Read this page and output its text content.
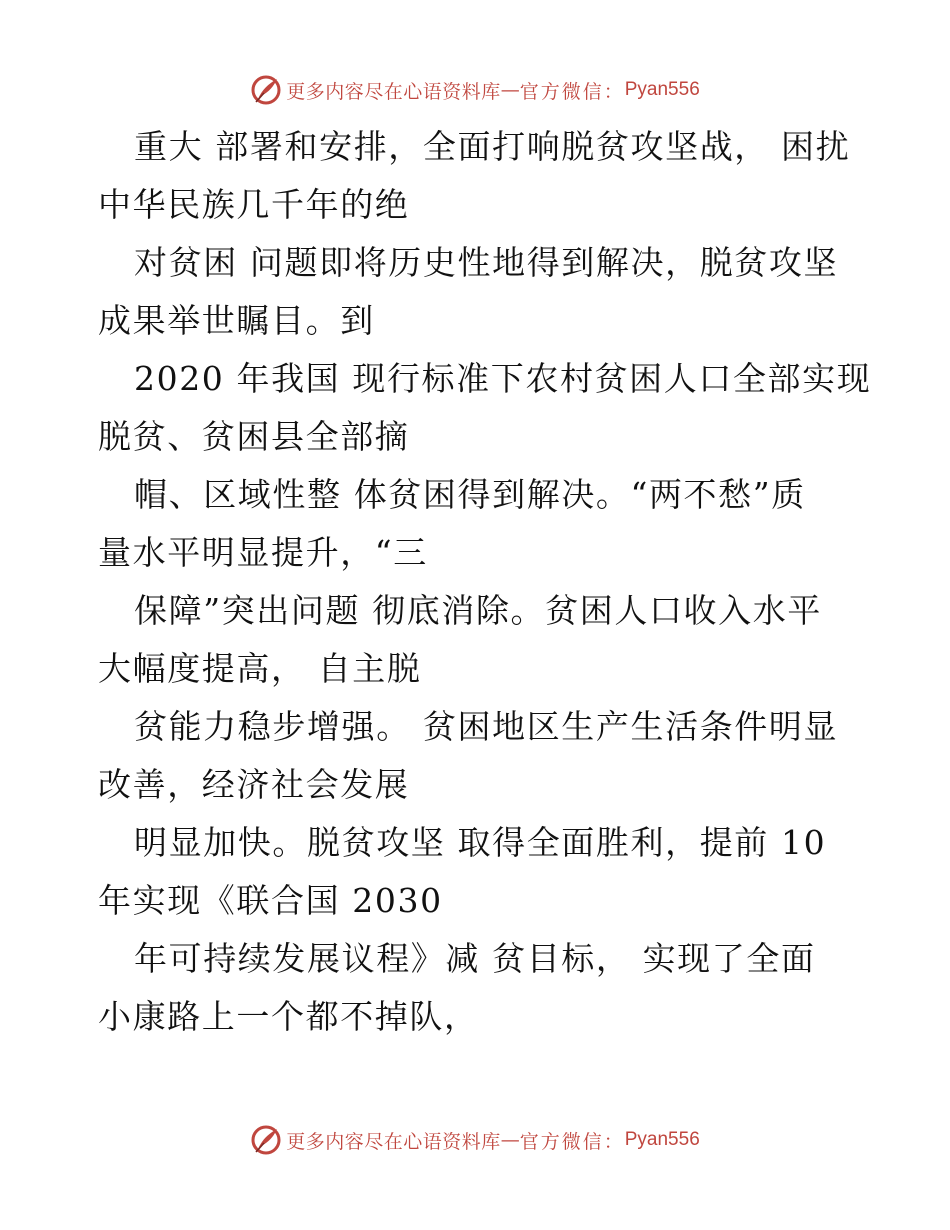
更多内容尽在心语资料库 — 官方微信： Pyan556
重大 部署和安排，全面打响脱贫攻坚战， 困扰
中华民族几千年的绝
对贫困 问题即将历史性地得到解决，脱贫攻坚
成果举世瞩目。到
2020 年我国 现行标准下农村贫困人口全部实现
脱贫、贫困县全部摘
帽、区域性整 体贫困得到解决。“两不愁”质
量水平明显提升，“三
保障”突出问题 彻底消除。贫困人口收入水平
大幅度提高， 自主脱
贫能力稳步增强。 贫困地区生产生活条件明显
改善，经济社会发展
明显加快。脱贫攻坚 取得全面胜利，提前 10
年实现《联合国 2030
年可持续发展议程》减 贫目标， 实现了全面
小康路上一个都不掉队，
更多内容尽在心语资料库 — 官方微信： Pyan556
